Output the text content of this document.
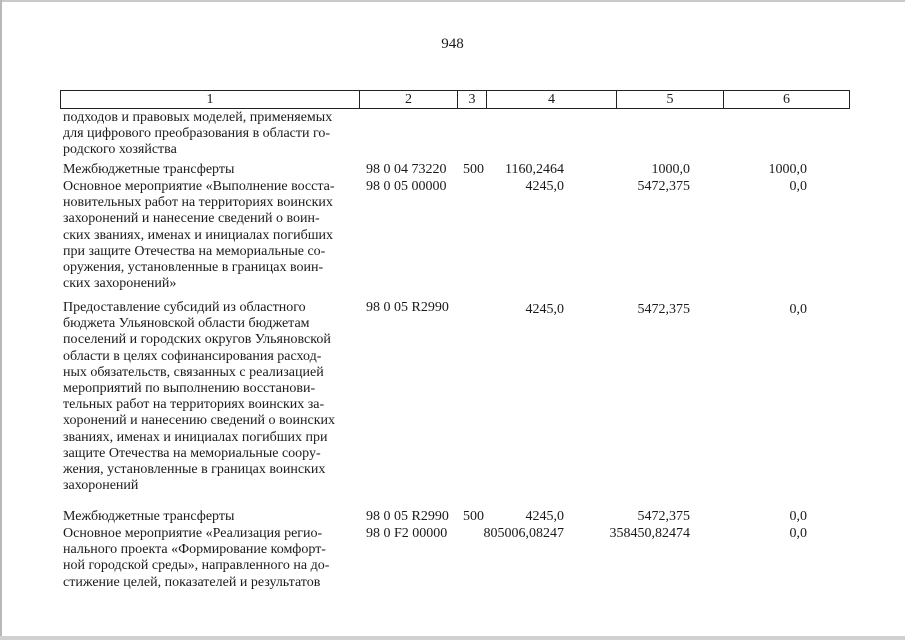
948
1	2	3	4	5	6
подходов и правовых моделей, применяемых
для цифрового преобразования в области го-
родского хозяйства
Межбюджетные трансферты	98 0 04 73220 500	1160,2464	1000,0	1000,0
Основное мероприятие «Выполнение восста-
новительных работ на территориях воинских
захоронений и нанесение сведений о воин-
ских званиях, именах и инициалах погибших
при защите Отечества на мемориальные со-
оружения, установленные в границах воин-
ских захоронений»
98 0 05 00000	4245,0	5472,375	0,0
Предоставление субсидий из областного
бюджета Ульяновской области бюджетам
поселений и городских округов Ульяновской
области в целях софинансирования расход-
ных обязательств, связанных с реализацией
мероприятий по выполнению восстанови-
тельных работ на территориях воинских за-
хоронений и нанесению сведений о воинских
званиях, именах и инициалах погибших при
защите Отечества на мемориальные соору-
жения, установленные в границах воинских
захоронений
98 0 05 R2990	4245,0	5472,375	0,0
Межбюджетные трансферты	98 0 05 R2990 500	4245,0	5472,375	0,0
Основное мероприятие «Реализация регио-
нального проекта «Формирование комфорт-
ной городской среды», направленного на до-
стижение целей, показателей и результатов
98 0 F2 00000	805006,08247	358450,82474	0,0
